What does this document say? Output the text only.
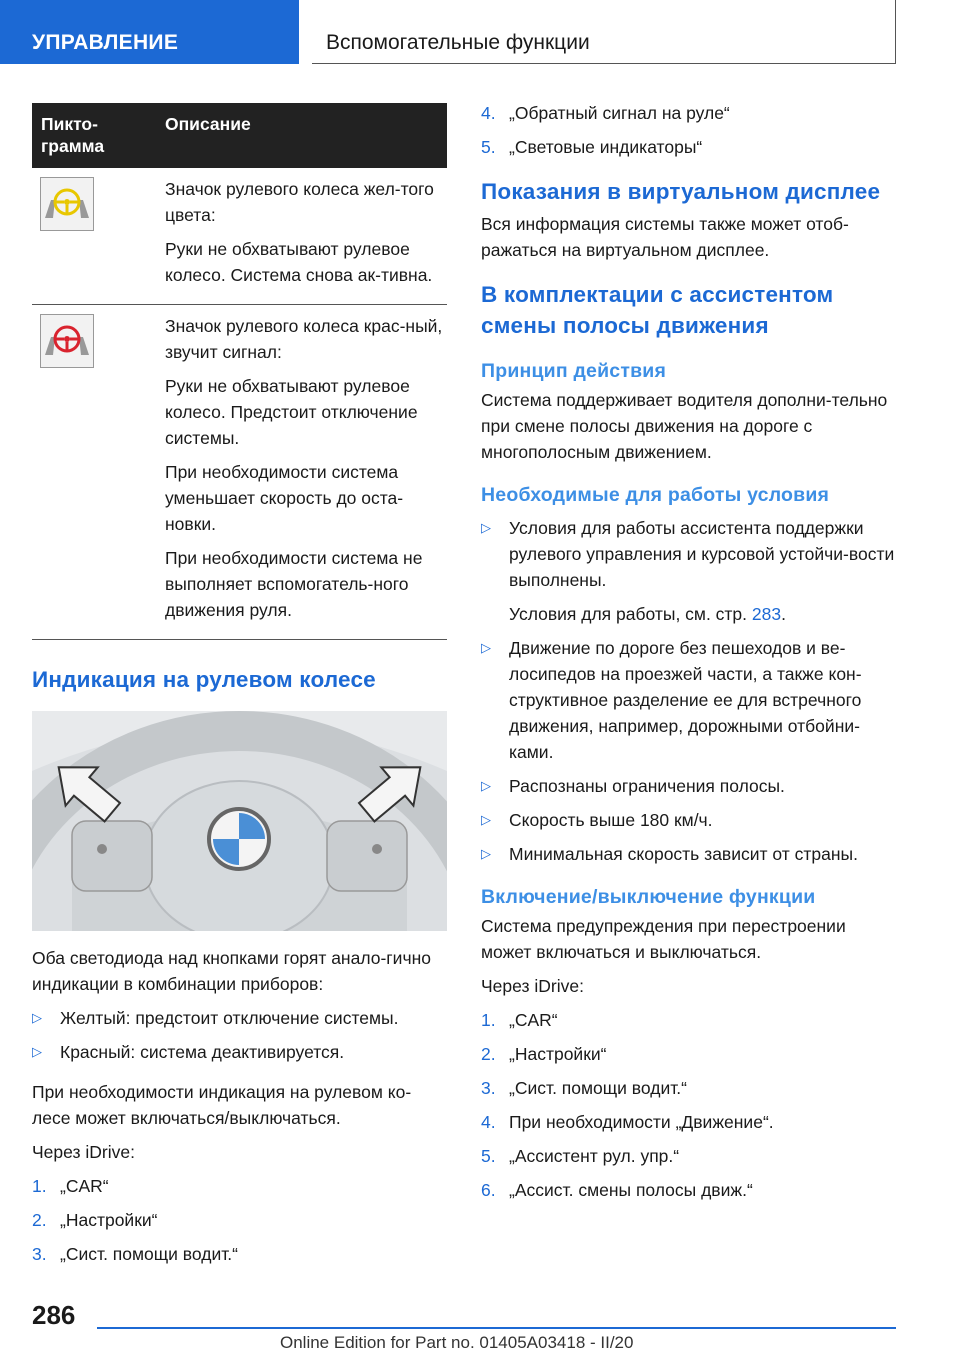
УПРАВЛЕНИЕ	Вспомогательные функции
Пикто-
грамма
Описание

Значок рулевого колеса жел-того цвета:

Руки не обхватывают рулевое колесо. Система снова ак-тивна.

Значок рулевого колеса крас-ный, звучит сигнал:

Руки не обхватывают рулевое колесо. Предстоит отключение системы.

При необходимости система уменьшает скорость до оста-новки.

При необходимости система не выполняет вспомогатель-ного движения руля.

Индикация на рулевом колесе

Оба светодиода над кнопками горят анало-гично индикации в комбинации приборов:

▷ Желтый: предстоит отключение системы.
▷ Красный: система деактивируется.

При необходимости индикация на рулевом ко-лесе может включаться/выключаться.

Через iDrive:

1. „CAR“
2. „Настройки“
3. „Сист. помощи водит.“
4. „Обратный сигнал на руле“
5. „Световые индикаторы“
Показания в виртуальном дисплее

Вся информация системы также может отоб-ражаться на виртуальном дисплее.

В комплектации с ассистентом смены полосы движения
Принцип действия

Система поддерживает водителя дополни-тельно при смене полосы движения на дороге с многополосным движением.

Необходимые для работы условия
▷ Условия для работы ассистента поддержки рулевого управления и курсовой устойчи-вости выполнены.
Условия для работы, см. стр. 283.
▷ Движение по дороге без пешеходов и ве-лосипедов на проезжей части, а также кон-структивное разделение ее для встречного движения, например, дорожными отбойни-ками.
▷ Распознаны ограничения полосы.
▷ Скорость выше 180 км/ч.
▷ Минимальная скорость зависит от страны.
Включение/выключение функции

Система предупреждения при перестроении может включаться и выключаться.

Через iDrive:

1. „CAR“
2. „Настройки“
3. „Сист. помощи водит.“
4. При необходимости „Движение“.
5. „Ассистент рул. упр.“
6. „Ассист. смены полосы движ.“
286
Online Edition for Part no. 01405A03418 - II/20
